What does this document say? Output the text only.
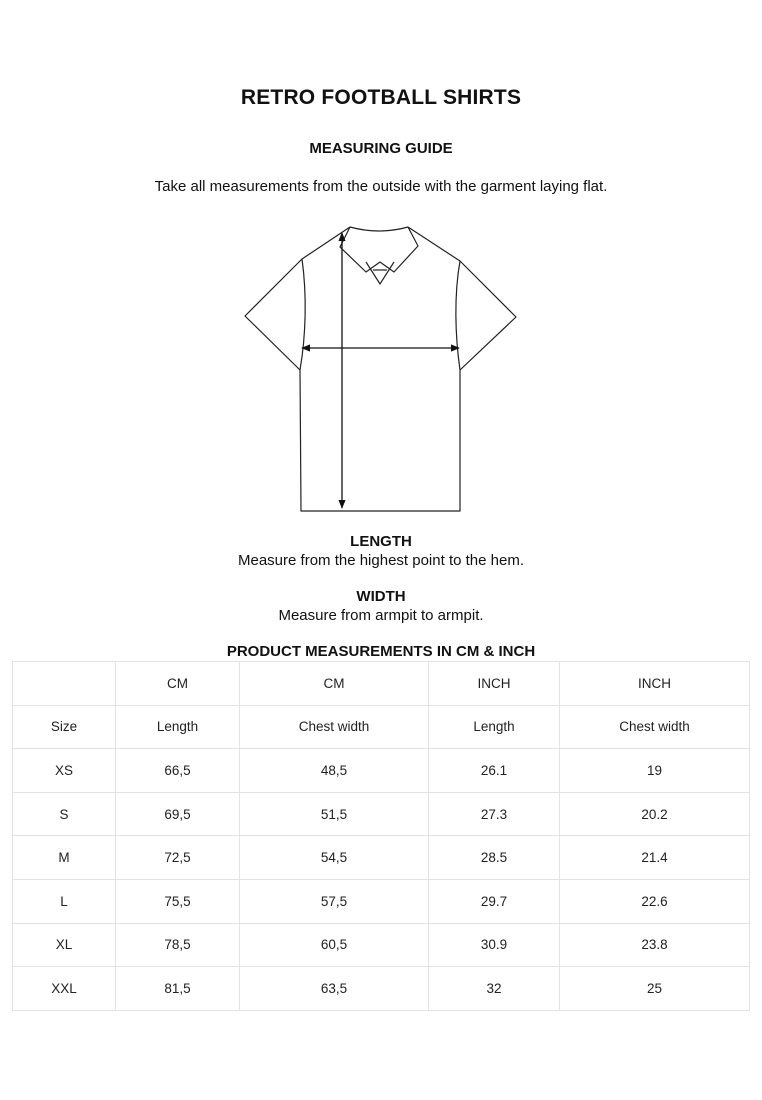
RETRO FOOTBALL SHIRTS
MEASURING GUIDE
Take all measurements from the outside with the garment laying flat.
LENGTH
Measure from the highest point to the hem.
WIDTH
Measure from armpit to armpit.
PRODUCT MEASUREMENTS IN CM & INCH
	CM	CM	INCH	INCH
Size	Length	Chest width	Length	Chest width
XS	66,5	48,5	26.1	19
S	69,5	51,5	27.3	20.2
M	72,5	54,5	28.5	21.4
L	75,5	57,5	29.7	22.6
XL	78,5	60,5	30.9	23.8
XXL	81,5	63,5	32	25
